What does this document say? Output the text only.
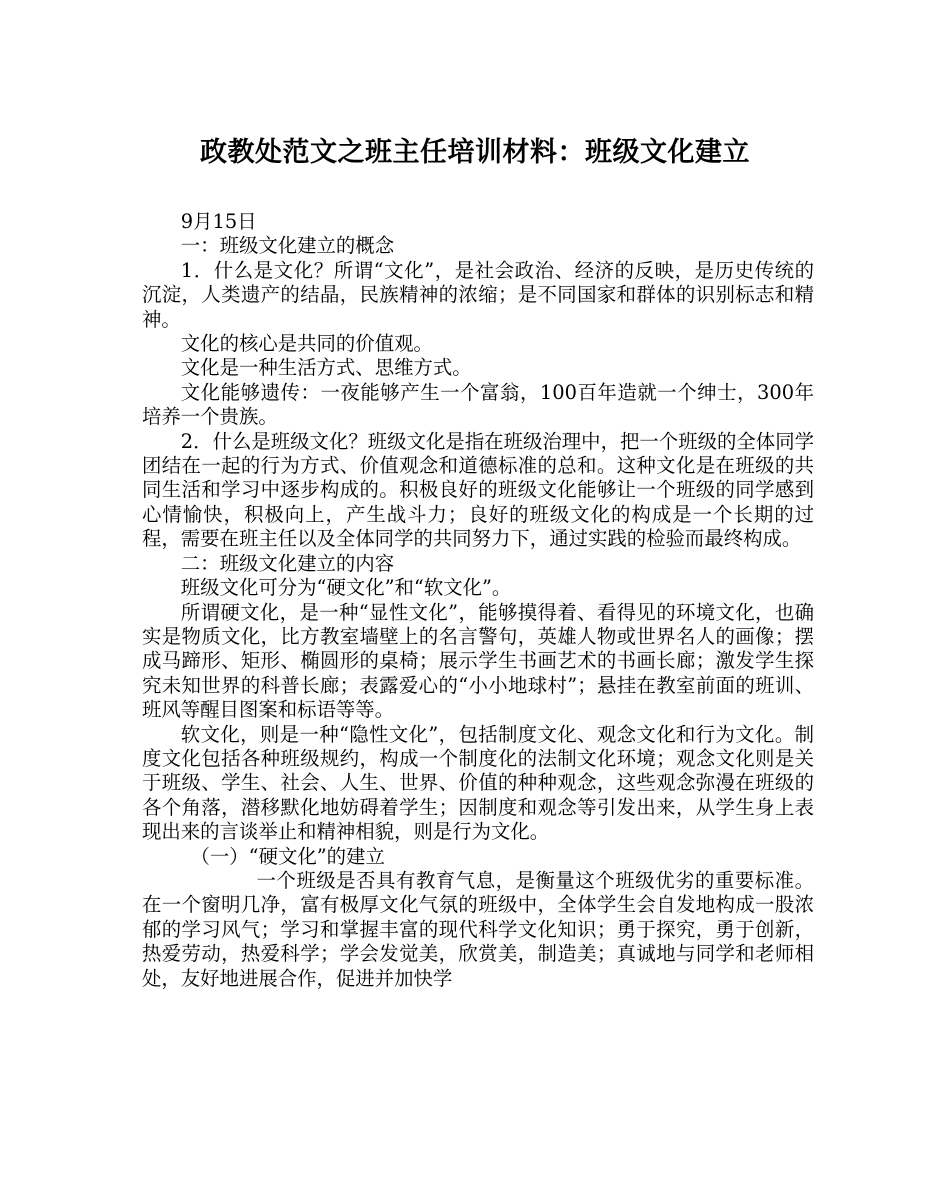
政教处范文之班主任培训材料：班级文化建立

9月15日

一：班级文化建立的概念

1．什么是文化？所谓“文化”，是社会政治、经济的反映，是历史传统的沉淀，人类遗产的结晶，民族精神的浓缩；是不同国家和群体的识别标志和精神。

文化的核心是共同的价值观。

文化是一种生活方式、思维方式。

文化能够遗传：一夜能够产生一个富翁，100百年造就一个绅士，300年培养一个贵族。

2．什么是班级文化？班级文化是指在班级治理中，把一个班级的全体同学团结在一起的行为方式、价值观念和道德标准的总和。这种文化是在班级的共同生活和学习中逐步构成的。积极良好的班级文化能够让一个班级的同学感到心情愉快，积极向上，产生战斗力；良好的班级文化的构成是一个长期的过程，需要在班主任以及全体同学的共同努力下，通过实践的检验而最终构成。

二：班级文化建立的内容

班级文化可分为“硬文化”和“软文化”。

所谓硬文化，是一种“显性文化”，能够摸得着、看得见的环境文化，也确实是物质文化，比方教室墙壁上的名言警句，英雄人物或世界名人的画像；摆成马蹄形、矩形、椭圆形的桌椅；展示学生书画艺术的书画长廊；激发学生探究未知世界的科普长廊；表露爱心的“小小地球村”；悬挂在教室前面的班训、班风等醒目图案和标语等等。

软文化，则是一种“隐性文化”，包括制度文化、观念文化和行为文化。制度文化包括各种班级规约，构成一个制度化的法制文化环境；观念文化则是关于班级、学生、社会、人生、世界、价值的种种观念，这些观念弥漫在班级的各个角落，潜移默化地妨碍着学生；因制度和观念等引发出来，从学生身上表现出来的言谈举止和精神相貌，则是行为文化。

（一）“硬文化”的建立

一个班级是否具有教育气息，是衡量这个班级优劣的重要标准。在一个窗明几净，富有极厚文化气氛的班级中，全体学生会自发地构成一股浓郁的学习风气；学习和掌握丰富的现代科学文化知识；勇于探究，勇于创新，热爱劳动，热爱科学；学会发觉美，欣赏美，制造美；真诚地与同学和老师相处，友好地进展合作，促进并加快学
